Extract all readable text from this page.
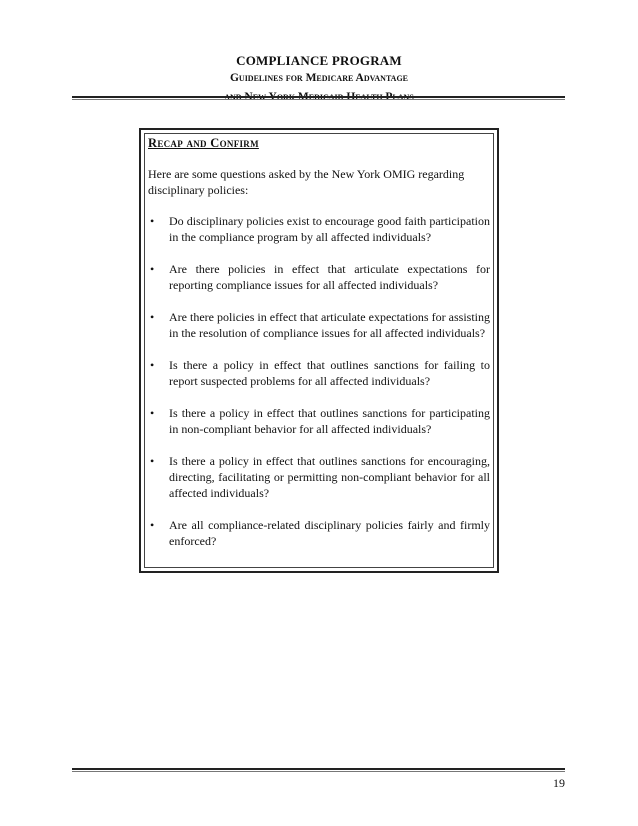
COMPLIANCE PROGRAM
Guidelines for Medicare Advantage
Recap and Confirm
Here are some questions asked by the New York OMIG regarding disciplinary policies:
• Do disciplinary policies exist to encourage good faith participation in the compliance program by all affected individuals?
• Are there policies in effect that articulate expectations for reporting compliance issues for all affected individuals?
• Are there policies in effect that articulate expectations for assisting in the resolution of compliance issues for all affected individuals?
• Is there a policy in effect that outlines sanctions for failing to report suspected problems for all affected individuals?
• Is there a policy in effect that outlines sanctions for participating in non-compliant behavior for all affected individuals?
• Is there a policy in effect that outlines sanctions for encouraging, directing, facilitating or permitting non-compliant behavior for all affected individuals?
• Are all compliance-related disciplinary policies fairly and firmly enforced?
19
